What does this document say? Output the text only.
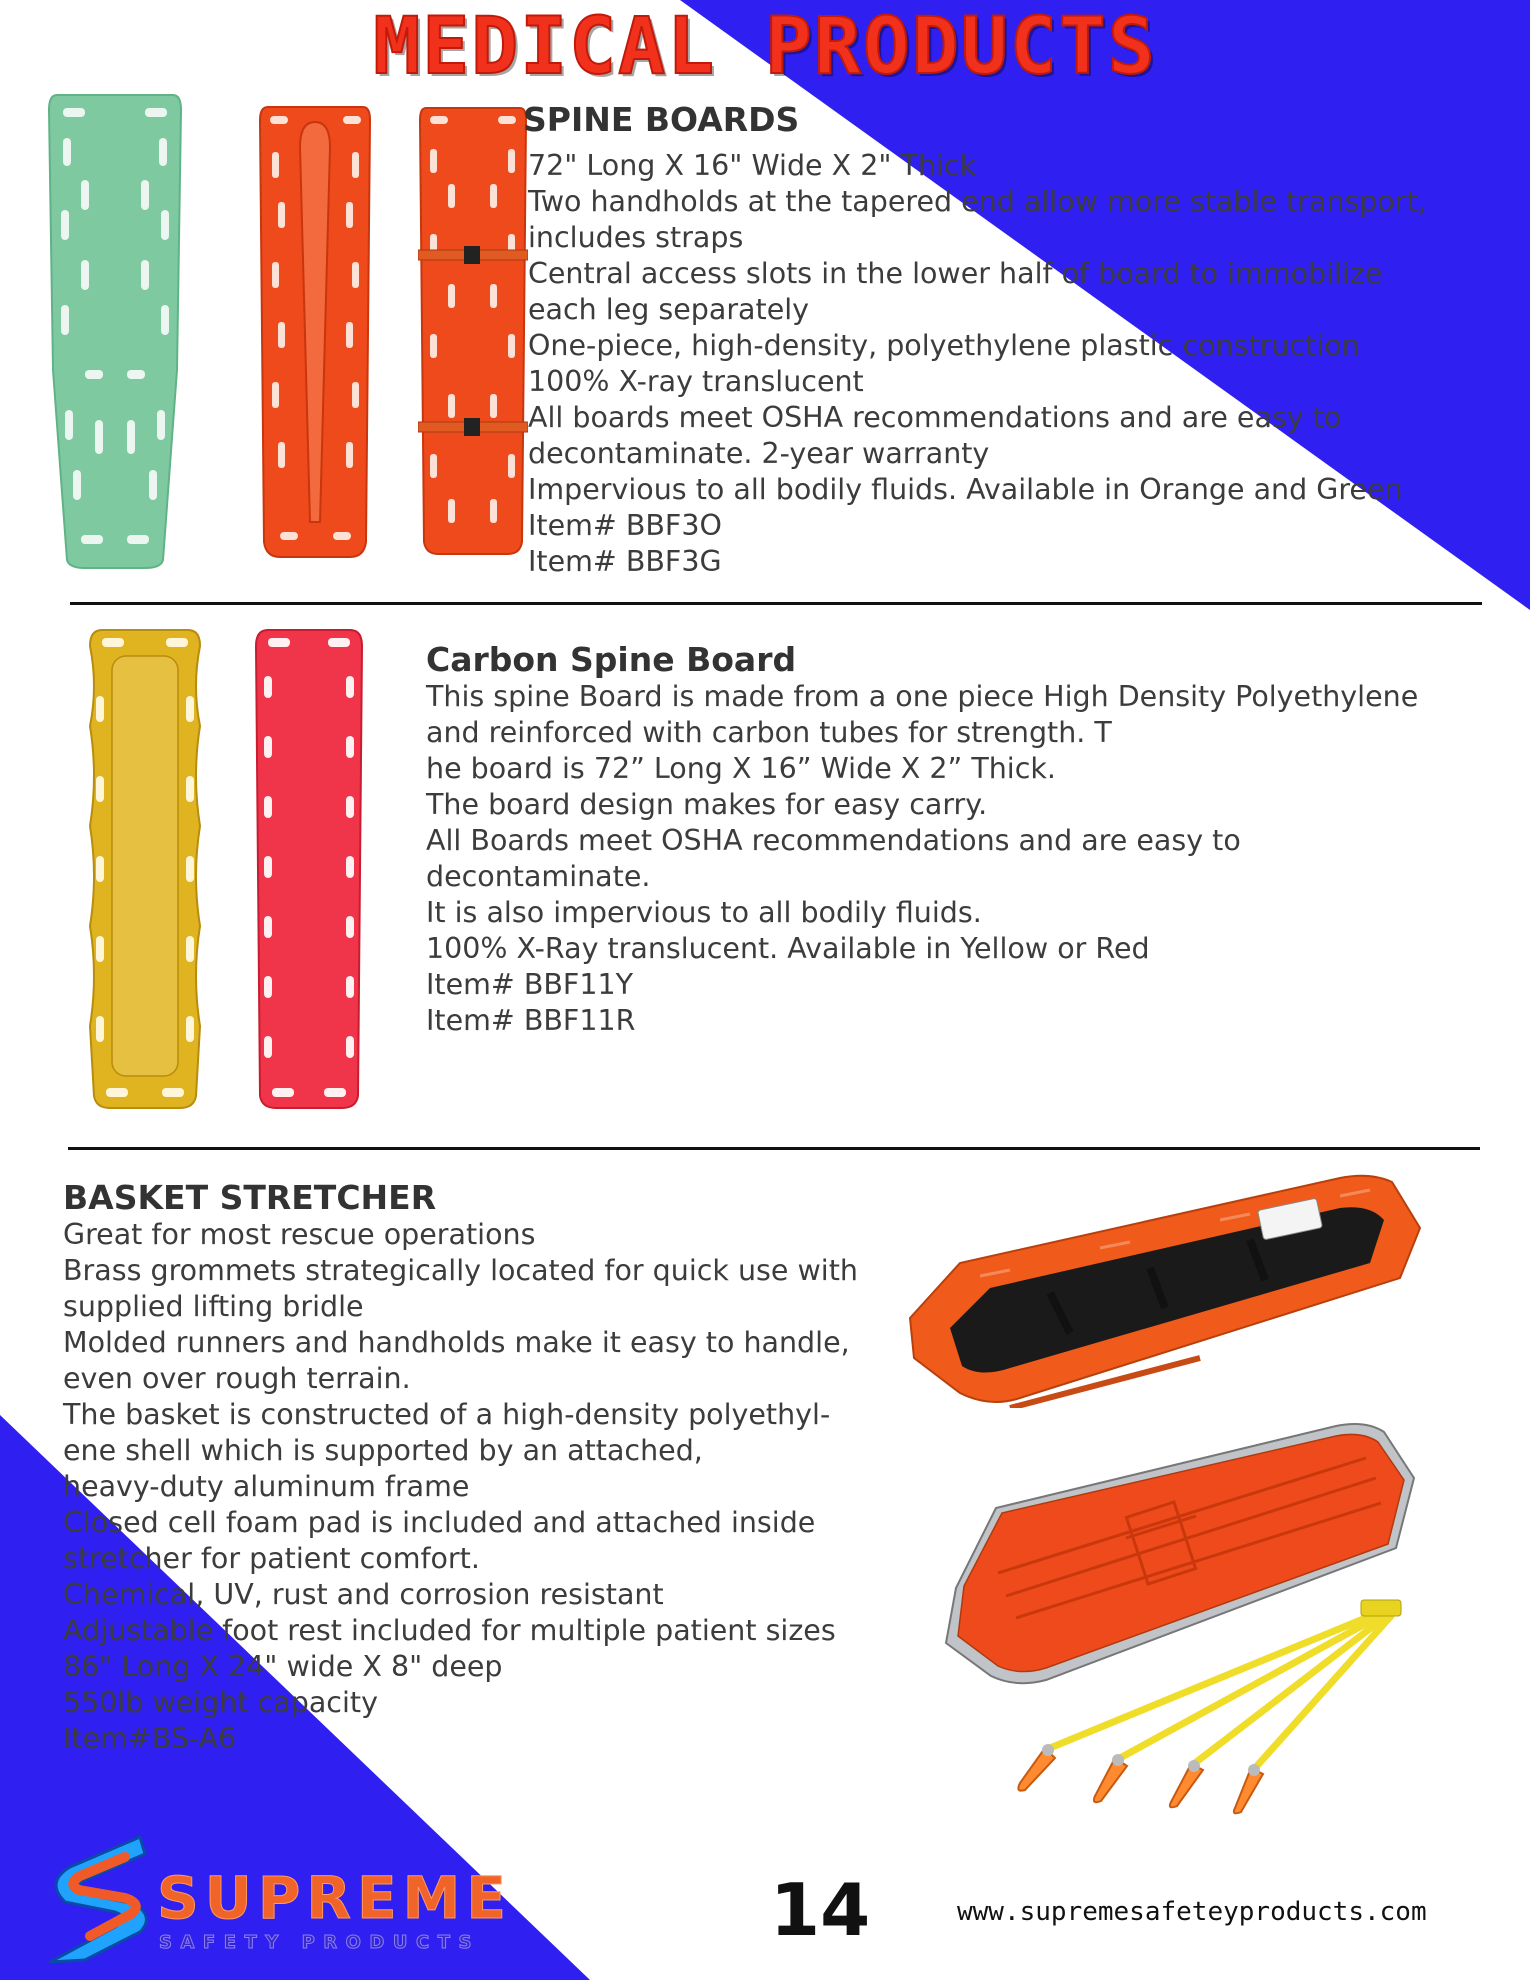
MEDICAL PRODUCTS

SPINE BOARDS

72" Long X 16" Wide X 2" Thick
Two handholds at the tapered end allow more stable transport,
includes straps
Central access slots in the lower half of board to immobilize
each leg separately
One-piece, high-density, polyethylene plastic construction
100% X-ray translucent
All boards meet OSHA recommendations and are easy to
decontaminate. 2-year warranty
Impervious to all bodily fluids. Available in Orange and Green
Item# BBF3O
Item# BBF3G

Carbon Spine Board

This spine Board is made from a one piece High Density Polyethylene
and reinforced with carbon tubes for strength. T
he board is 72” Long X 16” Wide X 2” Thick.
The board design makes for easy carry.
All Boards meet OSHA recommendations and are easy to
decontaminate.
It is also impervious to all bodily fluids.
100% X-Ray translucent. Available in Yellow or Red
Item# BBF11Y
Item# BBF11R

BASKET STRETCHER

Great for most rescue operations
Brass grommets strategically located for quick use with
supplied lifting bridle
Molded runners and handholds make it easy to handle,
even over rough terrain.
The basket is constructed of a high-density polyethyl-
ene shell which is supported by an attached,
heavy-duty aluminum frame
Closed cell foam pad is included and attached inside
stretcher for patient comfort.
Chemical, UV, rust and corrosion resistant
Adjustable foot rest included for multiple patient sizes
86" Long X 24" wide X 8" deep
550lb weight capacity
Item#BS-A6
SUPREME
SAFETY PRODUCTS	14	www.supremesafeteyproducts.com
